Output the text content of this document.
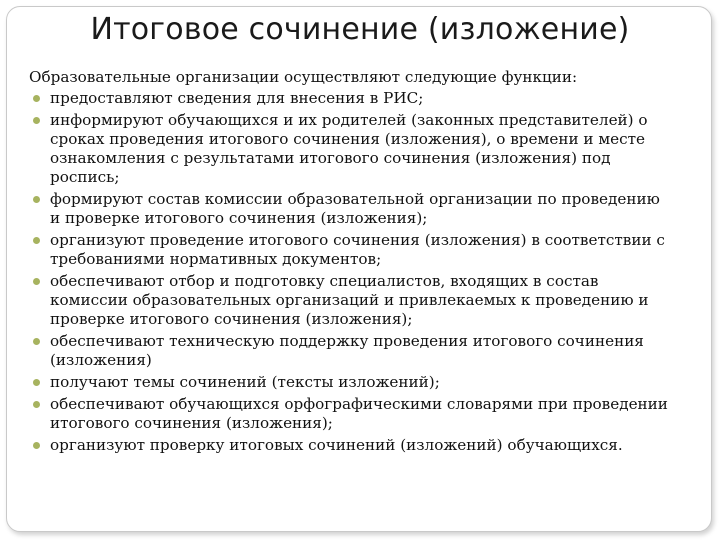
Итоговое сочинение (изложение)

Образовательные организации осуществляют следующие функции:

предоставляют сведения для внесения в РИС;
информируют обучающихся и их родителей (законных представителей) о сроках проведения итогового сочинения (изложения), о времени и месте ознакомления с результатами итогового сочинения (изложения) под роспись;
формируют состав комиссии образовательной организации по проведению и проверке итогового сочинения (изложения);
организуют проведение итогового сочинения (изложения) в соответствии с требованиями нормативных документов;
обеспечивают отбор и подготовку специалистов, входящих в состав комиссии образовательных организаций и привлекаемых к проведению и проверке итогового сочинения (изложения);
обеспечивают техническую поддержку проведения итогового сочинения (изложения)
получают темы сочинений (тексты изложений);
обеспечивают обучающихся орфографическими словарями при проведении итогового сочинения (изложения);
организуют проверку итоговых сочинений (изложений) обучающихся.
